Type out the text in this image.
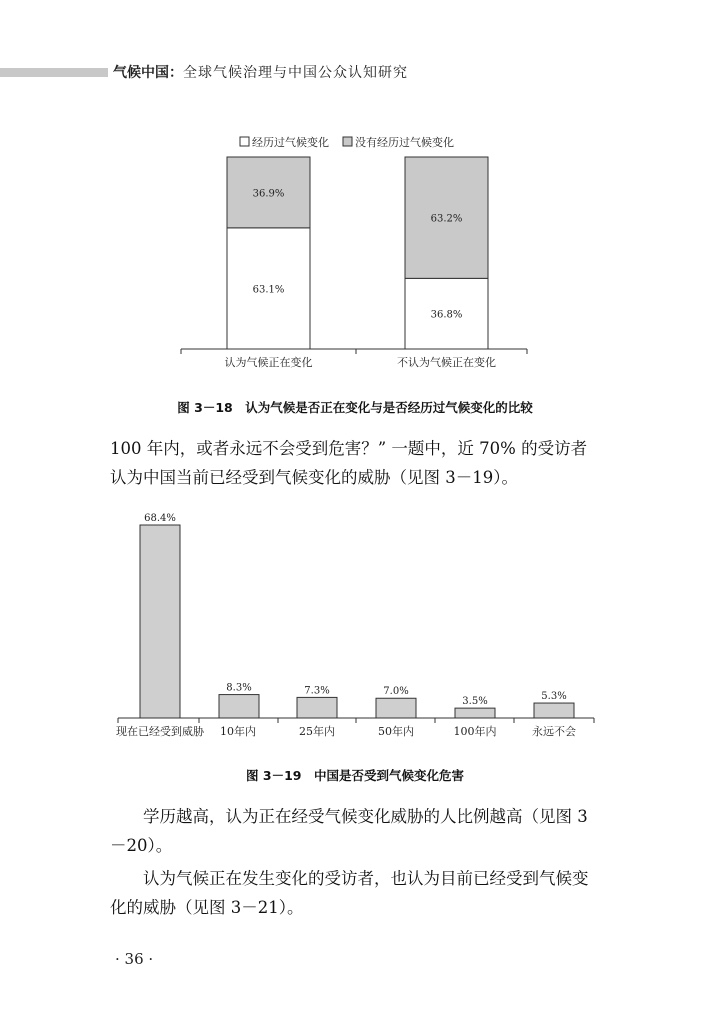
气候中国：全球气候治理与中国公众认知研究
经历过气候变化 没有经历过气候变化
63.1%
36.9%
认为气候正在变化
36.8%
63.2%
不认为气候正在变化
图 3－18　认为气候是否正在变化与是否经历过气候变化的比较

100 年内，或者永远不会受到危害？” 一题中，近 70% 的受访者认为中国当前已经受到气候变化的威胁（见图 3－19）。

68.4%
现在已经受到威胁
8.3%
10年内
7.3%
25年内
7.0%
50年内
3.5%
100年内
5.3%
永远不会
图 3－19　中国是否受到气候变化危害

学历越高，认为正在经受气候变化威胁的人比例越高（见图 3－20）。

认为气候正在发生变化的受访者，也认为目前已经受到气候变化的威胁（见图 3－21）。

· 36 ·
